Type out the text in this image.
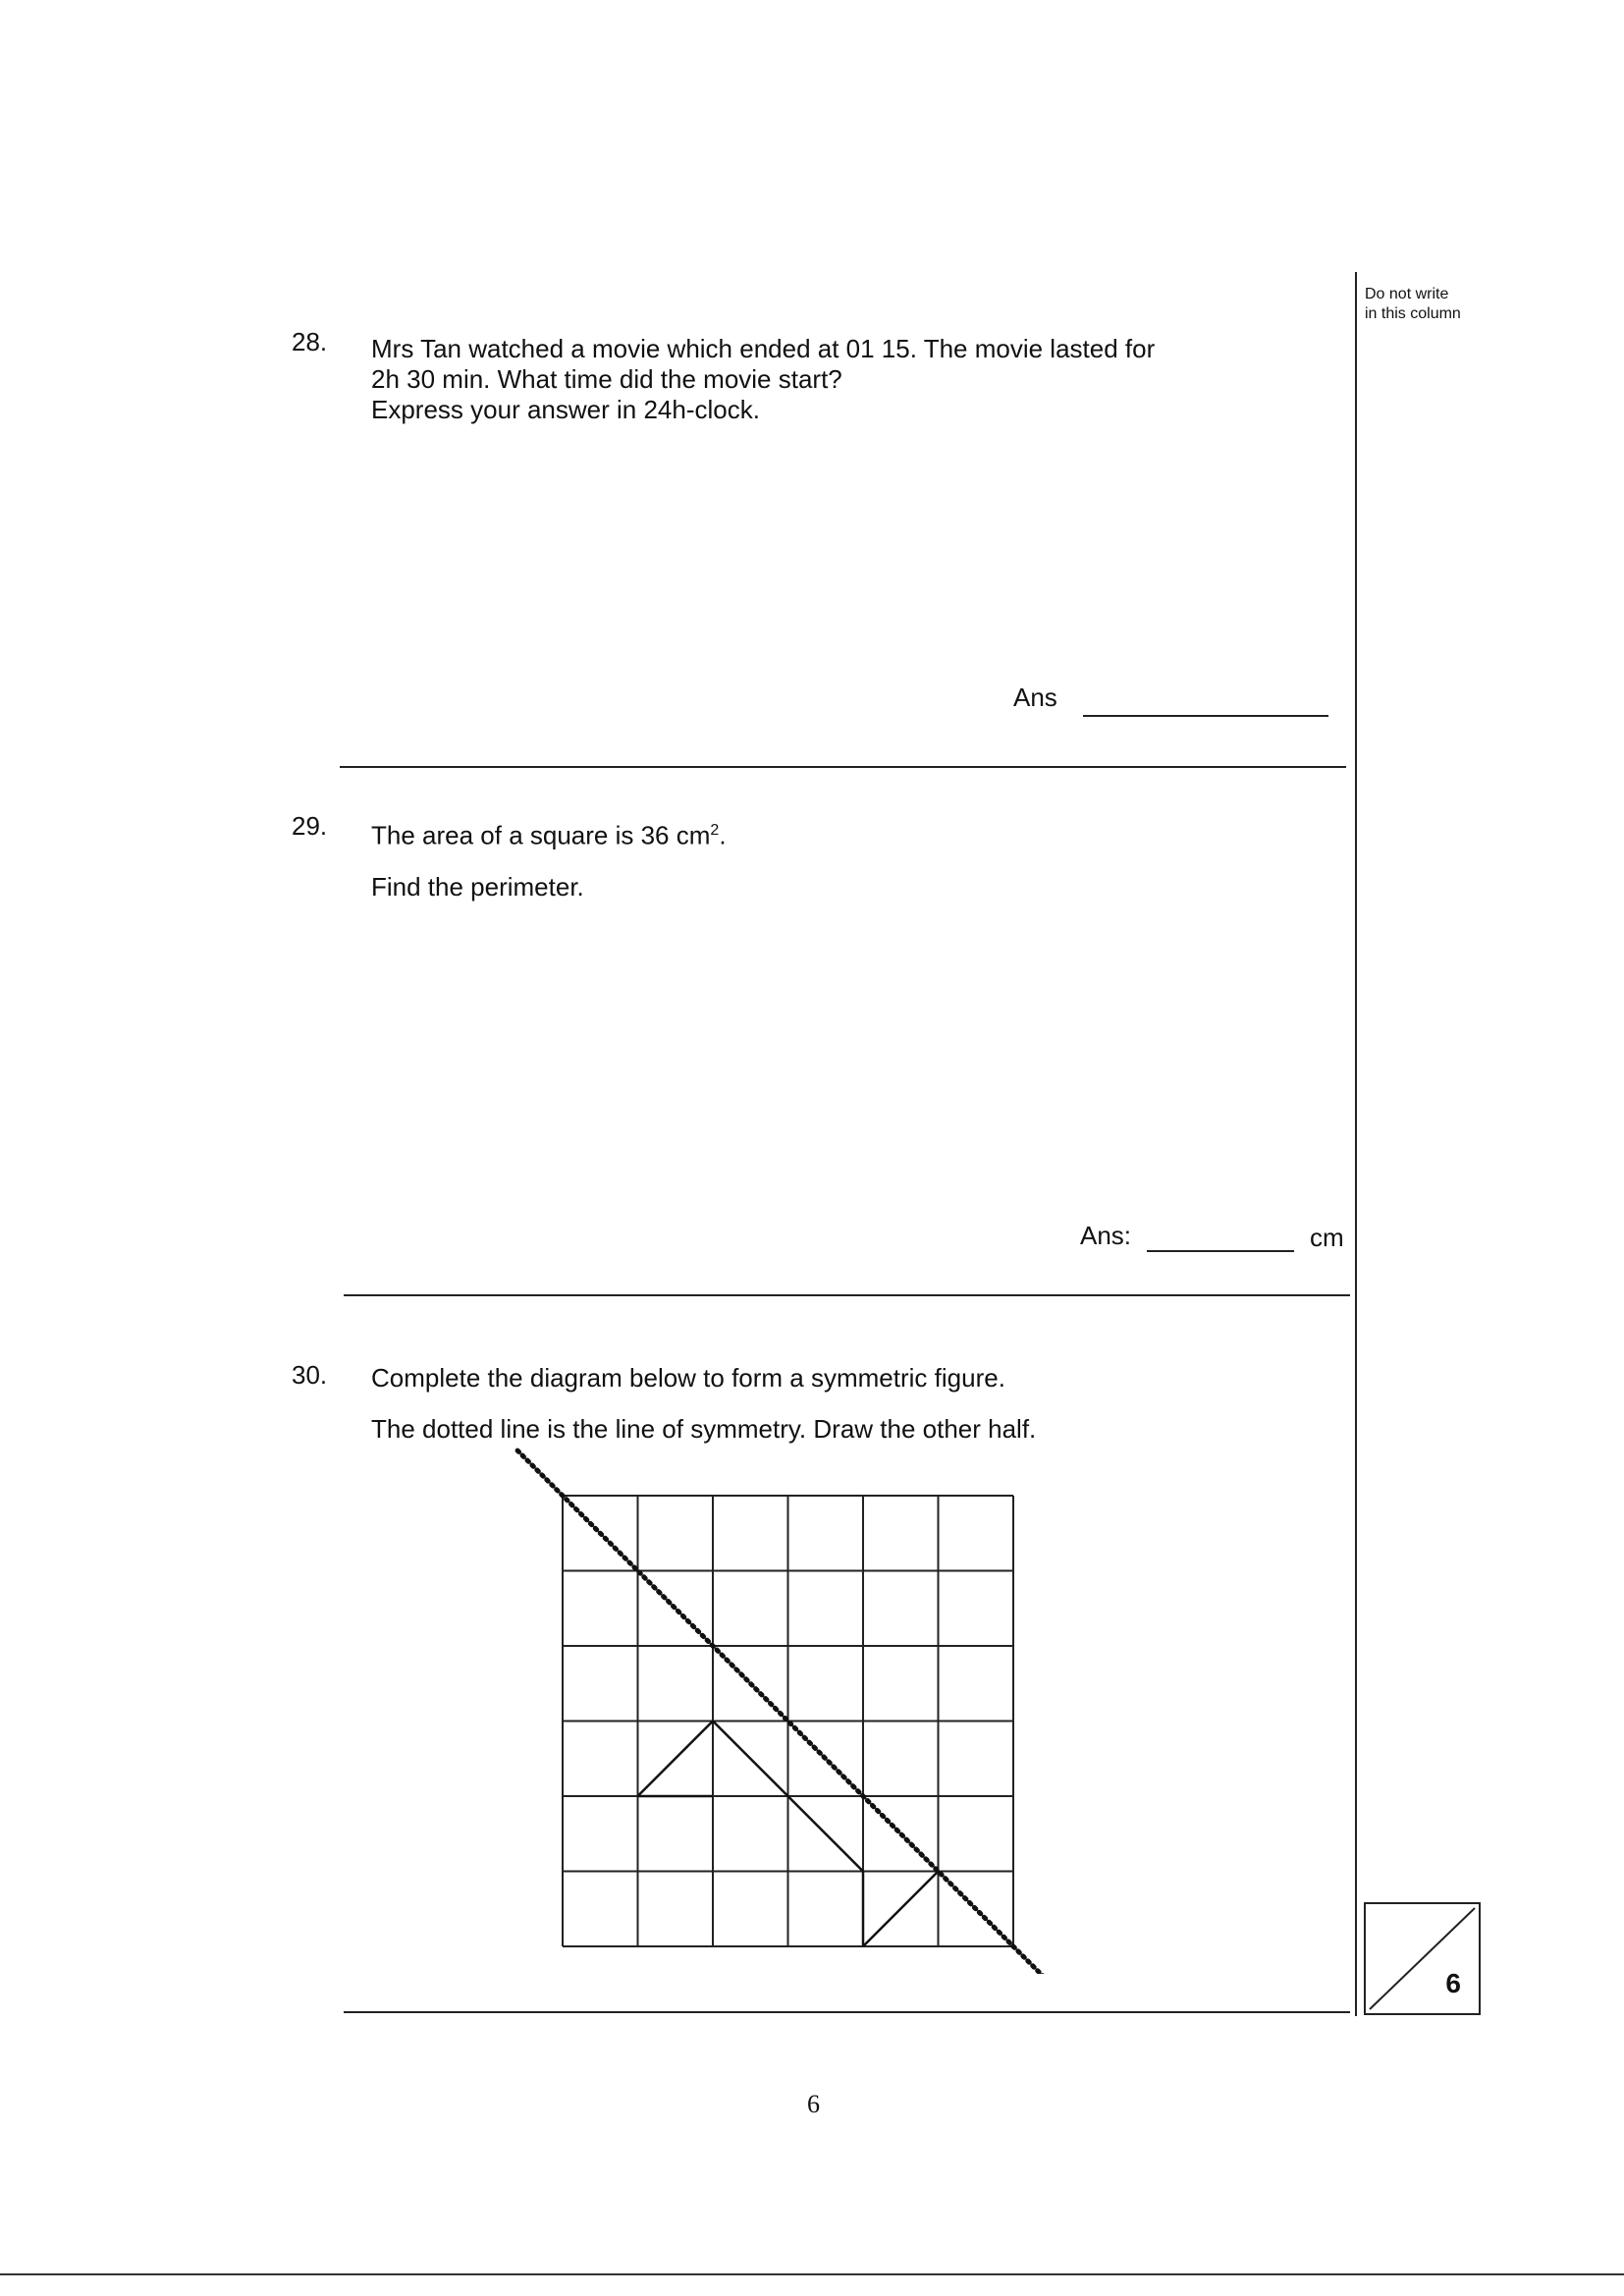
Do not write
in this column
28. Mrs Tan watched a movie which ended at 01 15. The movie lasted for
2h 30 min. What time did the movie start?
Express your answer in 24h-clock.
Ans
29. The area of a square is 36 $cm^2$.
Find the perimeter.
Ans:	cm
30. Complete the diagram below to form a symmetric figure.
The dotted line is the line of symmetry. Draw the other half.
6
6
